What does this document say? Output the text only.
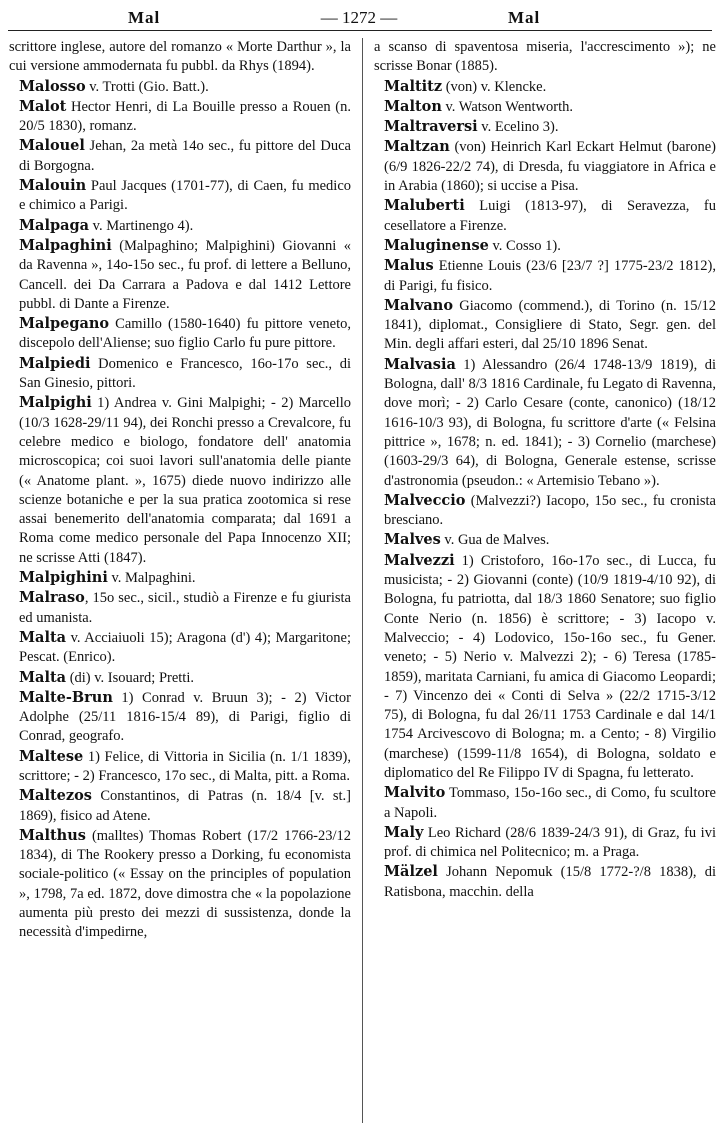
Mal	— 1272 —	Mal

scrittore inglese, autore del romanzo « Morte Darthur », la cui versione ammodernata fu pubbl. da Rhys (1894).

Malosso v. Trotti (Gio. Batt.).

Malot Hector Henri, di La Bouille presso a Rouen (n. 20/5 1830), romanz.

Malouel Jehan, 2a metà 14o sec., fu pittore del Duca di Borgogna.

Malouin Paul Jacques (1701-77), di Caen, fu medico e chimico a Parigi.

Malpaga v. Martinengo 4).

Malpaghini (Malpaghino; Malpighini) Giovanni « da Ravenna », 14o-15o sec., fu prof. di lettere a Belluno, Cancell. dei Da Carrara a Padova e dal 1412 Lettore pubbl. di Dante a Firenze.

Malpegano Camillo (1580-1640) fu pittore veneto, discepolo dell'Aliense; suo figlio Carlo fu pure pittore.

Malpiedi Domenico e Francesco, 16o-17o sec., di San Ginesio, pittori.

Malpighi 1) Andrea v. Gini Malpighi; - 2) Marcello (10/3 1628-29/11 94), dei Ronchi presso a Crevalcore, fu celebre medico e biologo, fondatore dell' anatomia microscopica; coi suoi lavori sull'anatomia delle piante (« Anatome plant. », 1675) diede nuovo indirizzo alle scienze botaniche e per la sua pratica zootomica si rese assai benemerito dell'anatomia comparata; dal 1691 a Roma come medico personale del Papa Innocenzo XII; ne scrisse Atti (1847).

Malpighini v. Malpaghini.

Malraso, 15o sec., sicil., studiò a Firenze e fu giurista ed umanista.

Malta v. Acciaiuoli 15); Aragona (d') 4); Margaritone; Pescat. (Enrico).

Malta (di) v. Isouard; Pretti.

Malte-Brun 1) Conrad v. Bruun 3); - 2) Victor Adolphe (25/11 1816-15/4 89), di Parigi, figlio di Conrad, geografo.

Maltese 1) Felice, di Vittoria in Sicilia (n. 1/1 1839), scrittore; - 2) Francesco, 17o sec., di Malta, pitt. a Roma.

Maltezos Constantinos, di Patras (n. 18/4 [v. st.] 1869), fisico ad Atene.

Malthus (malltes) Thomas Robert (17/2 1766-23/12 1834), di The Rookery presso a Dorking, fu economista sociale-politico (« Essay on the principles of population », 1798, 7a ed. 1872, dove dimostra che « la popolazione aumenta più presto dei mezzi di sussistenza, donde la necessità d'impedirne,

a scanso di spaventosa miseria, l'accrescimento »); ne scrisse Bonar (1885).

Maltitz (von) v. Klencke.

Malton v. Watson Wentworth.

Maltraversi v. Ecelino 3).

Maltzan (von) Heinrich Karl Eckart Helmut (barone) (6/9 1826-22/2 74), di Dresda, fu viaggiatore in Africa e in Arabia (1860); si uccise a Pisa.

Maluberti Luigi (1813-97), di Seravezza, fu cesellatore a Firenze.

Maluginense v. Cosso 1).

Malus Etienne Louis (23/6 [23/7 ?] 1775-23/2 1812), di Parigi, fu fisico.

Malvano Giacomo (commend.), di Torino (n. 15/12 1841), diplomat., Consigliere di Stato, Segr. gen. del Min. degli affari esteri, dal 25/10 1896 Senat.

Malvasia 1) Alessandro (26/4 1748-13/9 1819), di Bologna, dall' 8/3 1816 Cardinale, fu Legato di Ravenna, dove morì; - 2) Carlo Cesare (conte, canonico) (18/12 1616-10/3 93), di Bologna, fu scrittore d'arte (« Felsina pittrice », 1678; n. ed. 1841); - 3) Cornelio (marchese) (1603-29/3 64), di Bologna, Generale estense, scrisse d'astronomia (pseudon.: « Artemisio Tebano »).

Malveccio (Malvezzi?) Iacopo, 15o sec., fu cronista bresciano.

Malves v. Gua de Malves.

Malvezzi 1) Cristoforo, 16o-17o sec., di Lucca, fu musicista; - 2) Giovanni (conte) (10/9 1819-4/10 92), di Bologna, fu patriotta, dal 18/3 1860 Senatore; suo figlio Conte Nerio (n. 1856) è scrittore; - 3) Iacopo v. Malveccio; - 4) Lodovico, 15o-16o sec., fu Gener. veneto; - 5) Nerio v. Malvezzi 2); - 6) Teresa (1785-1859), maritata Carniani, fu amica di Giacomo Leopardi; - 7) Vincenzo dei « Conti di Selva » (22/2 1715-3/12 75), di Bologna, fu dal 26/11 1753 Cardinale e dal 14/1 1754 Arcivescovo di Bologna; m. a Cento; - 8) Virgilio (marchese) (1599-11/8 1654), di Bologna, soldato e diplomatico del Re Filippo IV di Spagna, fu letterato.

Malvito Tommaso, 15o-16o sec., di Como, fu scultore a Napoli.

Maly Leo Richard (28/6 1839-24/3 91), di Graz, fu ivi prof. di chimica nel Politecnico; m. a Praga.

Mälzel Johann Nepomuk (15/8 1772-?/8 1838), di Ratisbona, macchin. della
